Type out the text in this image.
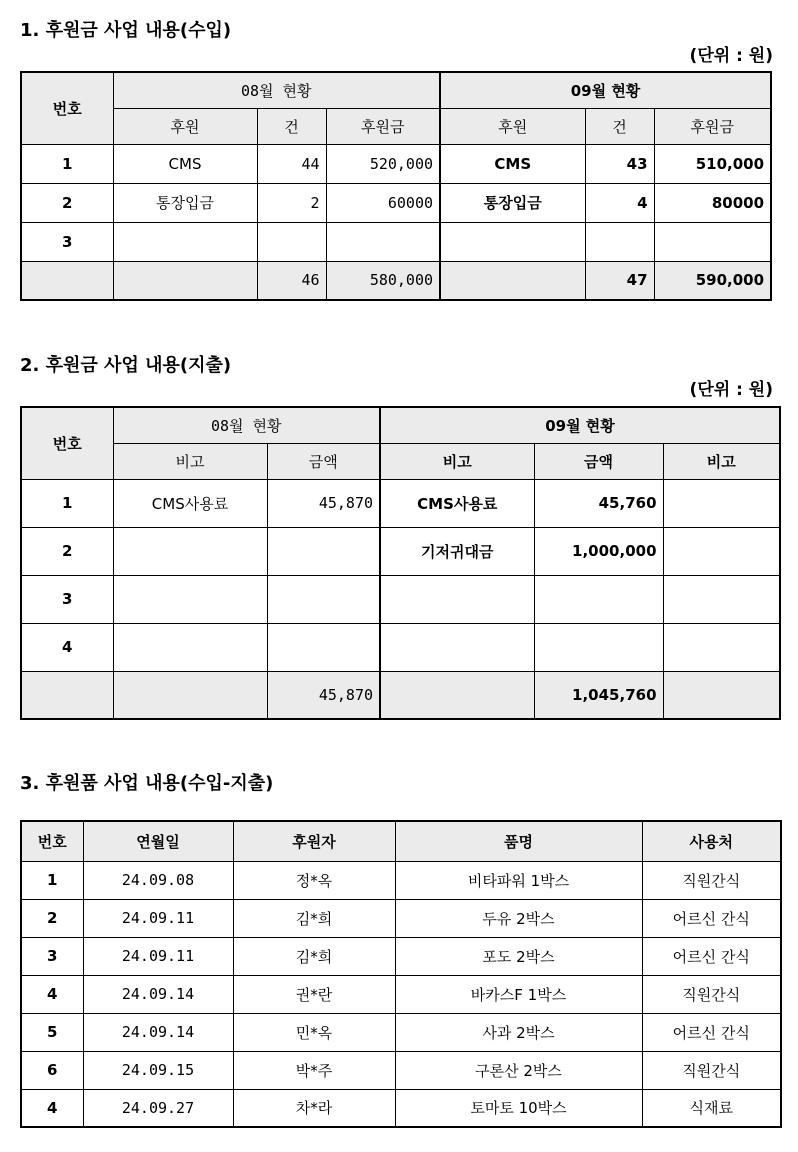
1. 후원금 사업 내용(수입)
(단위 : 원)
번호	08월 현황			09월 현황		
	후원	건	후원금	후원	건	후원금
1	CMS	44	520,000	CMS	43	510,000
2	통장입금	2	60000	통장입금	4	80000
3						
		46	580,000		47	590,000
2. 후원금 사업 내용(지출)
(단위 : 원)
번호	08월 현황		09월 현황		
	비고	금액	비고	금액	비고
1	CMS사용료	45,870	CMS사용료	45,760	
2			기저귀대금	1,000,000	
3					
4					
		45,870		1,045,760	
3. 후원품 사업 내용(수입-지출)
번호	연월일	후원자	품명	사용처
1	24.09.08	정*옥	비타파워 1박스	직원간식
2	24.09.11	김*희	두유 2박스	어르신 간식
3	24.09.11	김*희	포도 2박스	어르신 간식
4	24.09.14	권*란	바카스F 1박스	직원간식
5	24.09.14	민*옥	사과 2박스	어르신 간식
6	24.09.15	박*주	구론산 2박스	직원간식
4	24.09.27	차*라	토마토 10박스	식재료
